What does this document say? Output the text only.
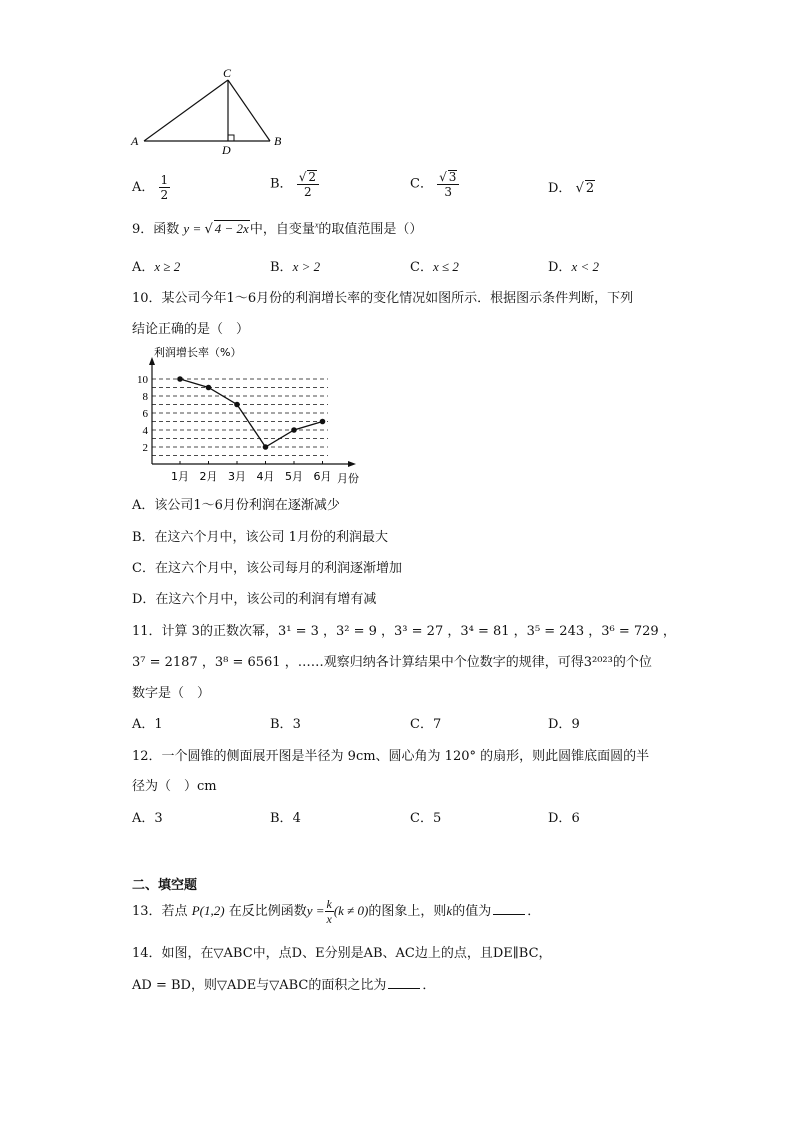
A	B
C
D
A． $\frac{1}{2}$	B． $\frac{√ 2}{2}$	C． $\frac{√ 3}{3}$	D． √ 2
9．函数 y = √ 4 − 2x中，自变量$^x$的取值范围是（）
A．x ≥ 2	B．x > 2	C．x ≤ 2	D．x < 2
10．某公司今年1～6月份的利润增长率的变化情况如图所示．根据图示条件判断，下列
结论正确的是（　）
利润增长率（%）
月份
2
4
6
8
10
1月 2月 3月 4月 5月 6月
A．该公司1～6月份利润在逐渐减少
B．在这六个月中，该公司 1月份的利润最大
C．在这六个月中，该公司每月的利润逐渐增加
D．在这六个月中，该公司的利润有增有减
11．计算 3的正数次幂，3¹ = 3 ，3² = 9 ，3³ = 27 ，3⁴ = 81 ，3⁵ = 243 ，3⁶ = 729 ，
3⁷ = 2187 ，3⁸ = 6561 ，……观察归纳各计算结果中个位数字的规律，可得3²⁰²³的个位
数字是（　）
A．1	B．3	C．7	D．9
12．一个圆锥的侧面展开图是半径为 9cm、圆心角为 120° 的扇形，则此圆锥底面圆的半
径为（　）cm
A．3	B．4	C．5	D．6
二、填空题
13．若点 P(1,2) 在反比例函数$y = \frac{k}{x} (k \ne 0)$的图象上，则k的值为	．
14．如图，在▽ABC中，点D、E分别是AB、AC边上的点，且DE∥BC，
AD = BD，则▽ADE与▽ABC的面积之比为	．
